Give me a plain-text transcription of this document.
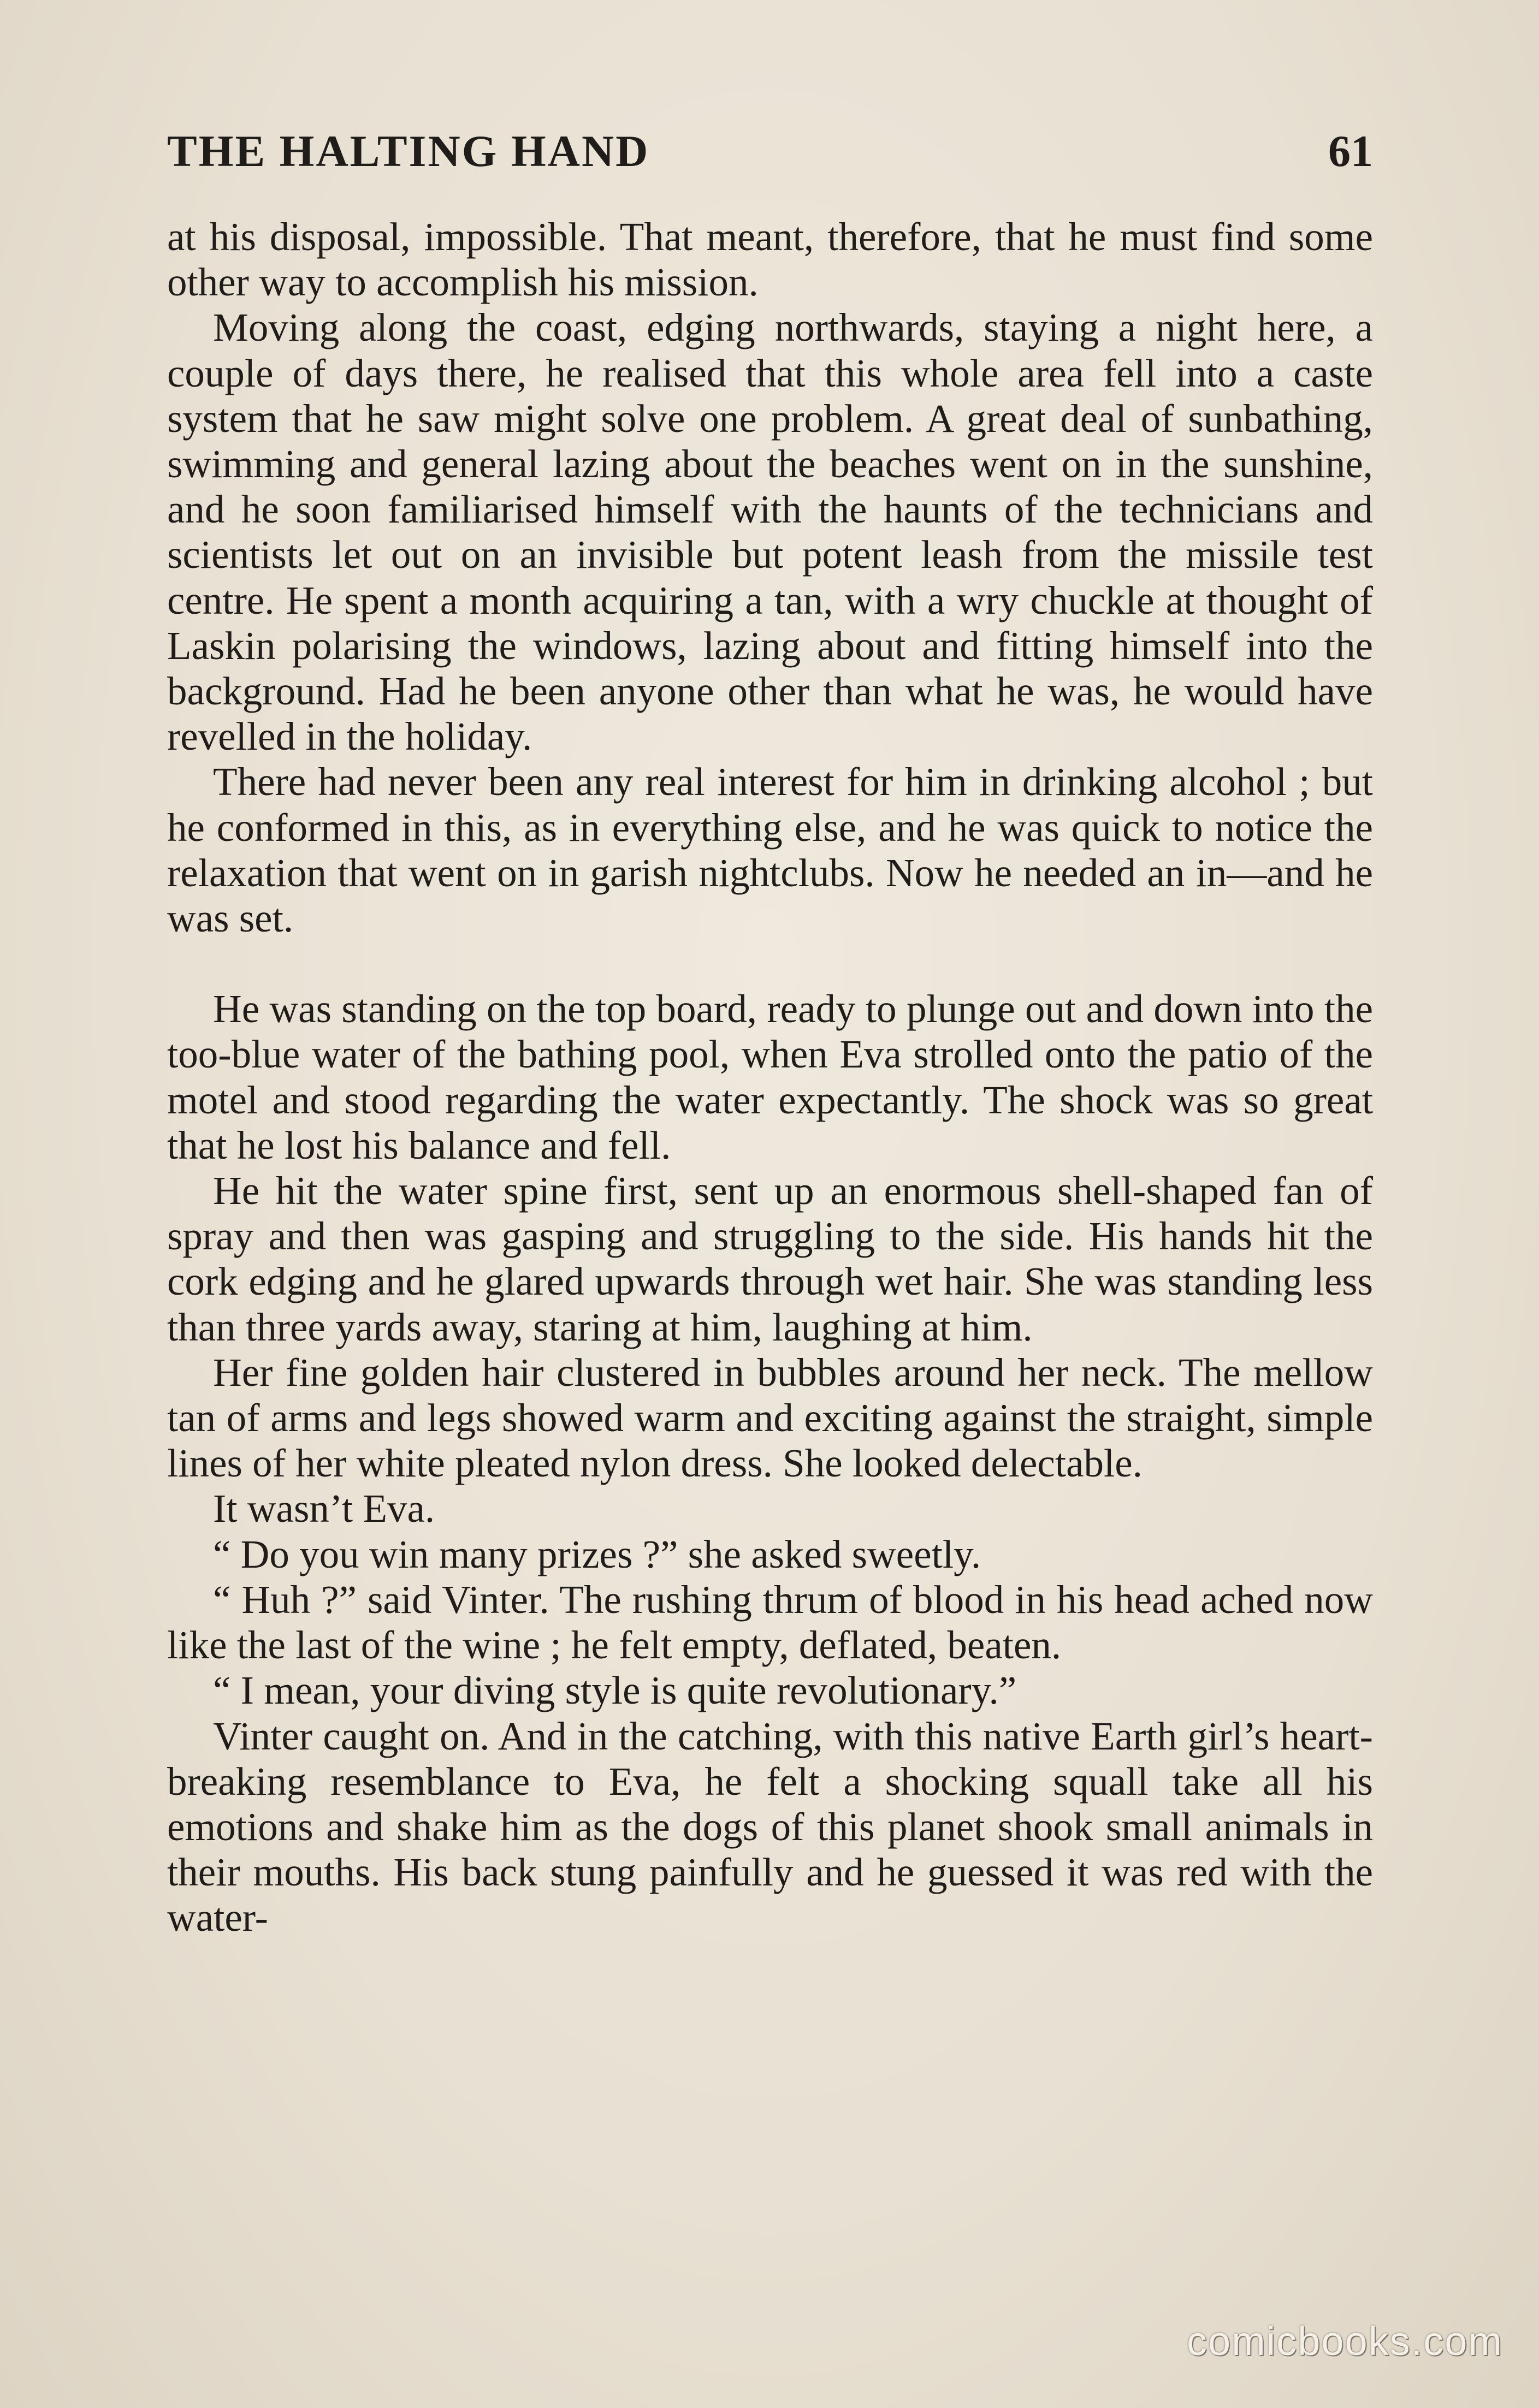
THE HALTING HAND	61

at his disposal, impossible. That meant, therefore, that he must find some other way to accomplish his mission.

Moving along the coast, edging northwards, staying a night here, a couple of days there, he realised that this whole area fell into a caste system that he saw might solve one problem. A great deal of sunbathing, swimming and general lazing about the beaches went on in the sunshine, and he soon familiarised himself with the haunts of the technicians and scientists let out on an invisible but potent leash from the missile test centre. He spent a month acquiring a tan, with a wry chuckle at thought of Laskin polarising the windows, lazing about and fitting himself into the background. Had he been anyone other than what he was, he would have revelled in the holiday.

There had never been any real interest for him in drinking alcohol ; but he conformed in this, as in everything else, and he was quick to notice the relaxation that went on in garish nightclubs. Now he needed an in—and he was set.

He was standing on the top board, ready to plunge out and down into the too-blue water of the bathing pool, when Eva strolled onto the patio of the motel and stood regarding the water expectantly. The shock was so great that he lost his balance and fell.

He hit the water spine first, sent up an enormous shell-shaped fan of spray and then was gasping and struggling to the side. His hands hit the cork edging and he glared upwards through wet hair. She was standing less than three yards away, staring at him, laughing at him.

Her fine golden hair clustered in bubbles around her neck. The mellow tan of arms and legs showed warm and exciting against the straight, simple lines of her white pleated nylon dress. She looked delectable.

It wasn’t Eva.

“ Do you win many prizes ?” she asked sweetly.

“ Huh ?” said Vinter. The rushing thrum of blood in his head ached now like the last of the wine ; he felt empty, deflated, beaten.

“ I mean, your diving style is quite revolutionary.”

Vinter caught on. And in the catching, with this native Earth girl’s heart-breaking resemblance to Eva, he felt a shocking squall take all his emotions and shake him as the dogs of this planet shook small animals in their mouths. His back stung painfully and he guessed it was red with the water-

comicbooks.com
